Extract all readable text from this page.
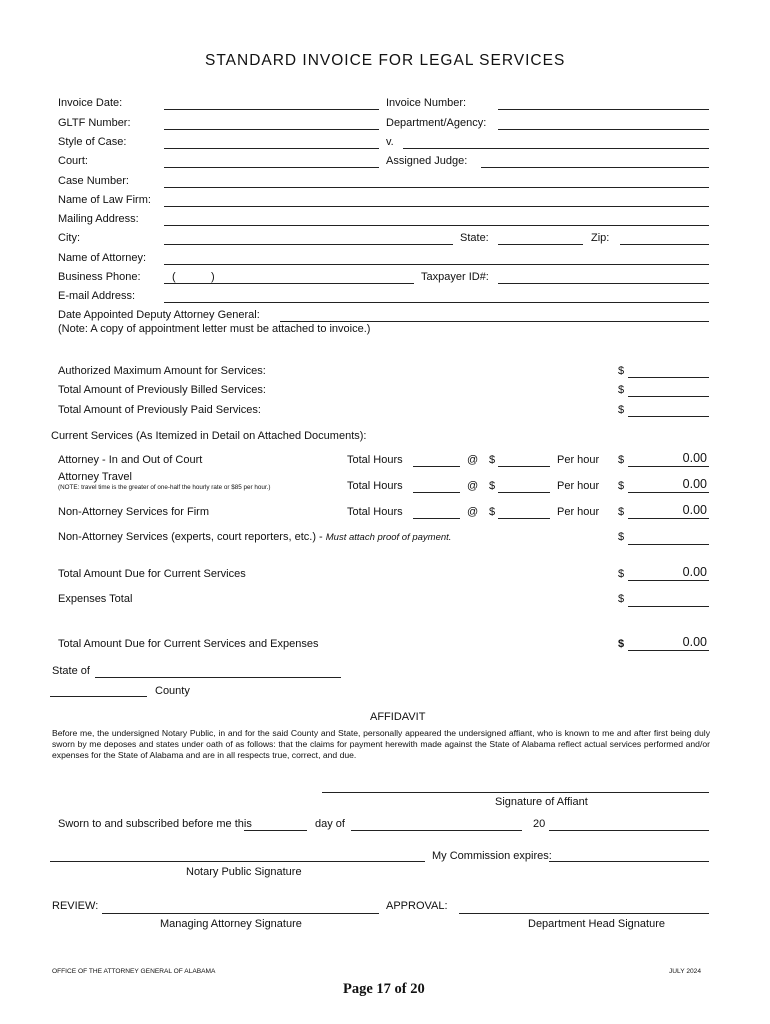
STANDARD INVOICE FOR LEGAL SERVICES
Invoice Date:	Invoice Number:
GLTF Number:	Department/Agency:
Style of Case:	v.
Court:	Assigned Judge:
Case Number:
Name of Law Firm:
Mailing Address:
City:	State:	Zip:
Name of Attorney:
Business Phone:	(	)	Taxpayer ID#:
E-mail Address:
Date Appointed Deputy Attorney General:
(Note: A copy of appointment letter must be attached to invoice.)
Authorized Maximum Amount for Services:	$
Total Amount of Previously Billed Services:	$
Total Amount of Previously Paid Services:	$
Current Services (As Itemized in Detail on Attached Documents):
Attorney - In and Out of Court	Total Hours	@ $	Per hour $	0.00
Attorney Travel
(NOTE: travel time is the greater of one-half the hourly rate or $85 per hour.)	Total Hours	@ $	Per hour $	0.00
Non-Attorney Services for Firm	Total Hours	@ $	Per hour $	0.00
Non-Attorney Services (experts, court reporters, etc.) - Must attach proof of payment.	$
Total Amount Due for Current Services	$	0.00
Expenses Total	$
Total Amount Due for Current Services and Expenses	$	0.00
State of
County
AFFIDAVIT
Before me, the undersigned Notary Public, in and for the said County and State, personally appeared the undersigned affiant, who is known to me and after first being duly sworn by me deposes and states under oath of as follows: that the claims for payment herewith made against the State of Alabama reflect actual services performed and/or expenses for the State of Alabama and are in all respects true, correct, and due.
Signature of Affiant
Sworn to and subscribed before me this	day of	20
My Commission expires:
Notary Public Signature
REVIEW:	APPROVAL:
Managing Attorney Signature	Department Head Signature
OFFICE OF THE ATTORNEY GENERAL OF ALABAMA	JULY 2024
Page 17 of 20
